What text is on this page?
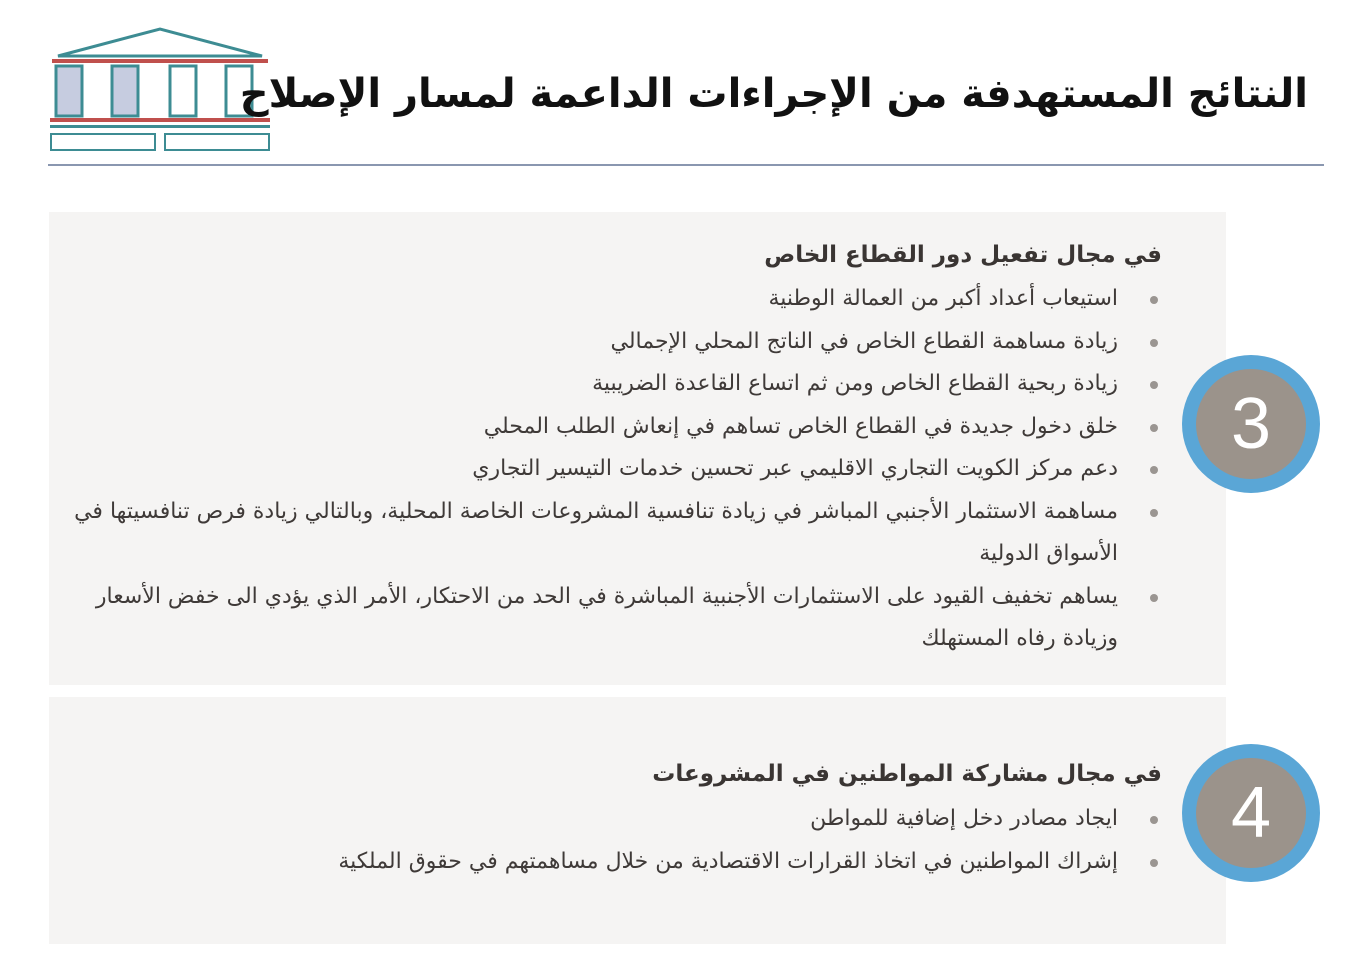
النتائج المستهدفة من الإجراءات الداعمة لمسار الإصلاح
في مجال تفعيل دور القطاع الخاص
استيعاب أعداد أكبر من العمالة الوطنية
زيادة مساهمة القطاع الخاص في الناتج المحلي الإجمالي
زيادة ربحية القطاع الخاص ومن ثم اتساع القاعدة الضريبية
خلق دخول جديدة في القطاع الخاص تساهم في إنعاش الطلب المحلي
دعم مركز الكويت التجاري الاقليمي عبر تحسين خدمات التيسير التجاري
مساهمة الاستثمار الأجنبي المباشر في زيادة تنافسية المشروعات الخاصة المحلية، وبالتالي زيادة فرص تنافسيتها في الأسواق الدولية
يساهم تخفيف القيود على الاستثمارات الأجنبية المباشرة في الحد من الاحتكار، الأمر الذي يؤدي الى خفض الأسعار وزيادة رفاه المستهلك
3
في مجال مشاركة المواطنين في المشروعات
ايجاد مصادر دخل إضافية للمواطن
إشراك المواطنين في اتخاذ القرارات الاقتصادية من خلال مساهمتهم في حقوق الملكية
4
